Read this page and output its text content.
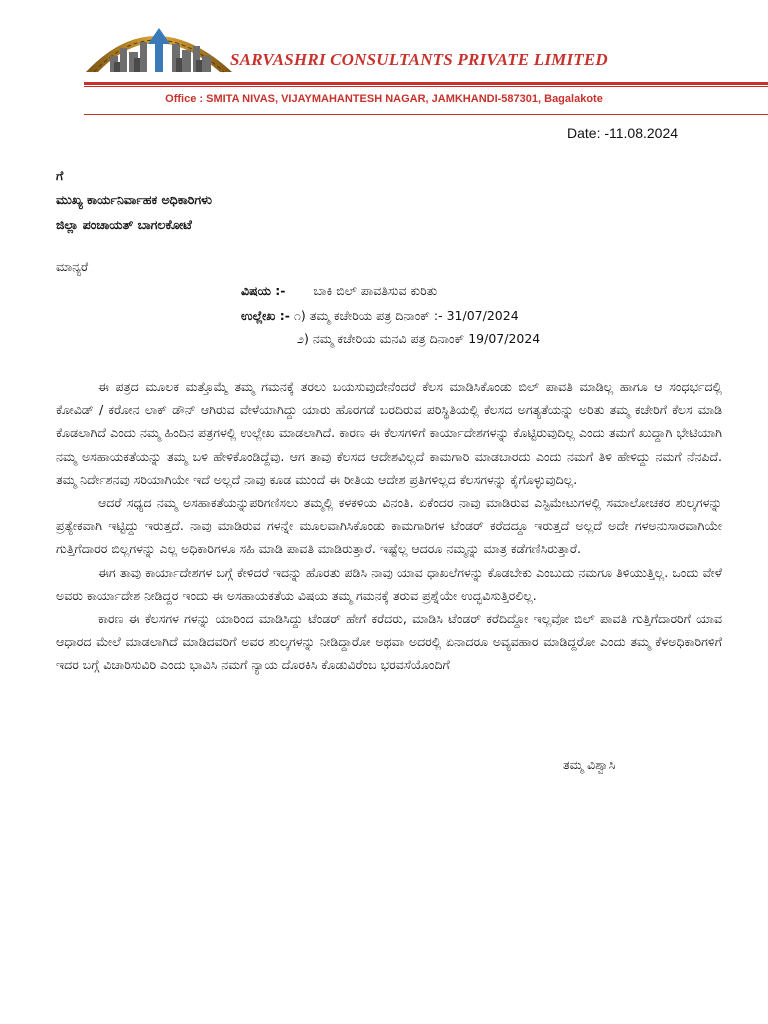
SARVASHRI CONSULTANTS PRIVATE LIMITED
Office : SMITA NIVAS, VIJAYMAHANTESH NAGAR, JAMKHANDI-587301, Bagalakote
Date: -11.08.2024
ಗೆ
ಮುಖ್ಯ ಕಾರ್ಯನಿರ್ವಾಹಕ ಅಧಿಕಾರಿಗಳು
ಜಿಲ್ಲಾ ಪಂಚಾಯತ್ ಬಾಗಲಕೋಟೆ
ಮಾನ್ಯರೆ
ವಿಷಯ :- ಬಾಕಿ ಬಿಲ್ ಪಾವತಿಸುವ ಕುರಿತು
ಉಲ್ಲೇಖ :- ೧) ತಮ್ಮ ಕಚೇರಿಯ ಪತ್ರ ದಿನಾಂಕ್ :- 31/07/2024
೨) ನಮ್ಮ ಕಚೇರಿಯ ಮನವಿ ಪತ್ರ ದಿನಾಂಕ್ 19/07/2024

ಈ ಪತ್ರದ ಮೂಲಕ ಮತ್ತೊಮ್ಮೆ ತಮ್ಮ ಗಮನಕ್ಕೆ ತರಲು ಬಯಸುವುದೇನೆಂದರೆ ಕೆಲಸ ಮಾಡಿಸಿಕೊಂಡು ಬಿಲ್ ಪಾವತಿ ಮಾಡಿಲ್ಲ ಹಾಗೂ ಆ ಸಂಧರ್ಭದಲ್ಲಿ ಕೋವಿಡ್ / ಕರೋನ ಲಾಕ್ ಡೌನ್ ಆಗಿರುವ ವೇಳೆಯಾಗಿದ್ದು ಯಾರು ಹೊರಗಡೆ ಬರದಿರುವ ಪರಿಸ್ಥಿತಿಯಲ್ಲಿ ಕೆಲಸದ ಅಗತ್ಯತೆಯನ್ನು ಅರಿತು ತಮ್ಮ ಕಚೇರಿಗೆ ಕೆಲಸ ಮಾಡಿ ಕೊಡಲಾಗಿದೆ ಎಂದು ನಮ್ಮ ಹಿಂದಿನ ಪತ್ರಗಳಲ್ಲಿ ಉಲ್ಲೇಖ ಮಾಡಲಾಗಿದೆ. ಕಾರಣ ಈ ಕೆಲಸಗಳಿಗೆ ಕಾರ್ಯಾದೇಶಗಳನ್ನು ಕೊಟ್ಟಿರುವುದಿಲ್ಲ ಎಂದು ತಮಗೆ ಖುದ್ದಾಗಿ ಭೇಟಿಯಾಗಿ ನಮ್ಮ ಅಸಹಾಯಕತೆಯನ್ನು ತಮ್ಮ ಬಳಿ ಹೇಳಿಕೊಂಡಿದ್ದೆವು. ಆಗ ತಾವು ಕೆಲಸದ ಆದೇಶವಿಲ್ಲದೆ ಕಾಮಗಾರಿ ಮಾಡಬಾರದು ಎಂದು ನಮಗೆ ತಿಳಿ ಹೇಳಿದ್ದು ನಮಗೆ ನೆನಪಿದೆ. ತಮ್ಮ ನಿರ್ದೇಶನವು ಸರಿಯಾಗಿಯೇ ಇದೆ ಅಲ್ಲದೆ ನಾವು ಕೂಡ ಮುಂದೆ ಈ ರೀತಿಯ ಆದೇಶ ಪ್ರತಿಗಳಿಲ್ಲದ ಕೆಲಸಗಳನ್ನು ಕೈಗೊಳ್ಳುವುದಿಲ್ಲ.

ಆದರೆ ಸಧ್ಯದ ನಮ್ಮ ಅಸಹಾಕತೆಯನ್ನುಪರಿಗಣಿಸಲು ತಮ್ಮಲ್ಲಿ ಕಳಕಳಿಯ ವಿನಂತಿ. ಏಕೆಂದರ ನಾವು ಮಾಡಿರುವ ಎಸ್ಟಿಮೇಟುಗಳಲ್ಲಿ ಸಮಾಲೋಚಕರ ಶುಲ್ಕಗಳನ್ನು ಪ್ರತ್ಯೇಕವಾಗಿ ಇಟ್ಟಿದ್ದು ಇರುತ್ತದೆ. ನಾವು ಮಾಡಿರುವ ಗಳನ್ನೇ ಮೂಲವಾಗಿಸಿಕೊಂಡು ಕಾಮಗಾರಿಗಳ ಟೆಂಡರ್ ಕರೆದದ್ದೂ ಇರುತ್ತದೆ ಅಲ್ಲದೆ ಅದೇ ಗಳಅನುಸಾರವಾಗಿಯೇ ಗುತ್ತಿಗೆದಾರರ ಬಿಲ್ಲಗಳನ್ನು ಎಲ್ಲ ಅಧಿಕಾರಿಗಳೂ ಸಹಿ ಮಾಡಿ ಪಾವತಿ ಮಾಡಿರುತ್ತಾರೆ. ಇಷ್ಟೆಲ್ಲ ಆದರೂ ನಮ್ಮನ್ನು ಮಾತ್ರ ಕಡೆಗಣಿಸಿರುತ್ತಾರೆ.

ಈಗ ತಾವು ಕಾರ್ಯಾದೇಶಗಳ ಬಗ್ಗೆ ಕೇಳಿದರೆ ಇದನ್ನು ಹೊರತು ಪಡಿಸಿ ನಾವು ಯಾವ ಧಾಖಲೆಗಳನ್ನು ಕೊಡಬೇಕು ಎಂಬುದು ನಮಗೂ ತಿಳಿಯುತ್ತಿಲ್ಲ. ಒಂದು ವೇಳೆ ಅವರು ಕಾರ್ಯಾದೇಶ ನೀಡಿದ್ದರ ಇಂದು ಈ ಅಸಹಾಯಕತೆಯ ವಿಷಯ ತಮ್ಮ ಗಮನಕ್ಕೆ ತರುವ ಪ್ರಶ್ನೆಯೇ ಉದ್ಭವಿಸುತ್ತಿರಲಿಲ್ಲ.

ಕಾರಣ ಈ ಕೆಲಸಗಳ ಗಳನ್ನು ಯಾರಿಂದ ಮಾಡಿಸಿದ್ದು ಟೆಂಡರ್ ಹೇಗೆ ಕರೆದರು, ಮಾಡಿಸಿ ಟೆಂಡರ್ ಕರೆದಿದ್ದೋ ಇಲ್ಲವೋ ಬಿಲ್ ಪಾವತಿ ಗುತ್ತಿಗೆದಾರರಿಗೆ ಯಾವ ಆಧಾರದ ಮೇಲೆ ಮಾಡಲಾಗಿದೆ ಮಾಡಿದವರಿಗೆ ಅವರ ಶುಲ್ಕಗಳನ್ನು ನೀಡಿದ್ದಾರೋ ಅಥವಾ ಅದರಲ್ಲಿ ಏನಾದರೂ ಅವ್ಯವಹಾರ ಮಾಡಿದ್ದರೋ ಎಂದು ತಮ್ಮ ಕೆಳಅಧಿಕಾರಿಗಳಿಗೆ ಇದರ ಬಗ್ಗೆ ವಿಚಾರಿಸುವಿರಿ ಎಂದು ಭಾವಿಸಿ ನಮಗೆ ನ್ಯಾಯ ದೊರಕಿಸಿ ಕೊಡುವಿರೆಂಬ ಭರವಸೆಯೊಂದಿಗೆ

ತಮ್ಮ ವಿಶ್ವಾಸಿ
